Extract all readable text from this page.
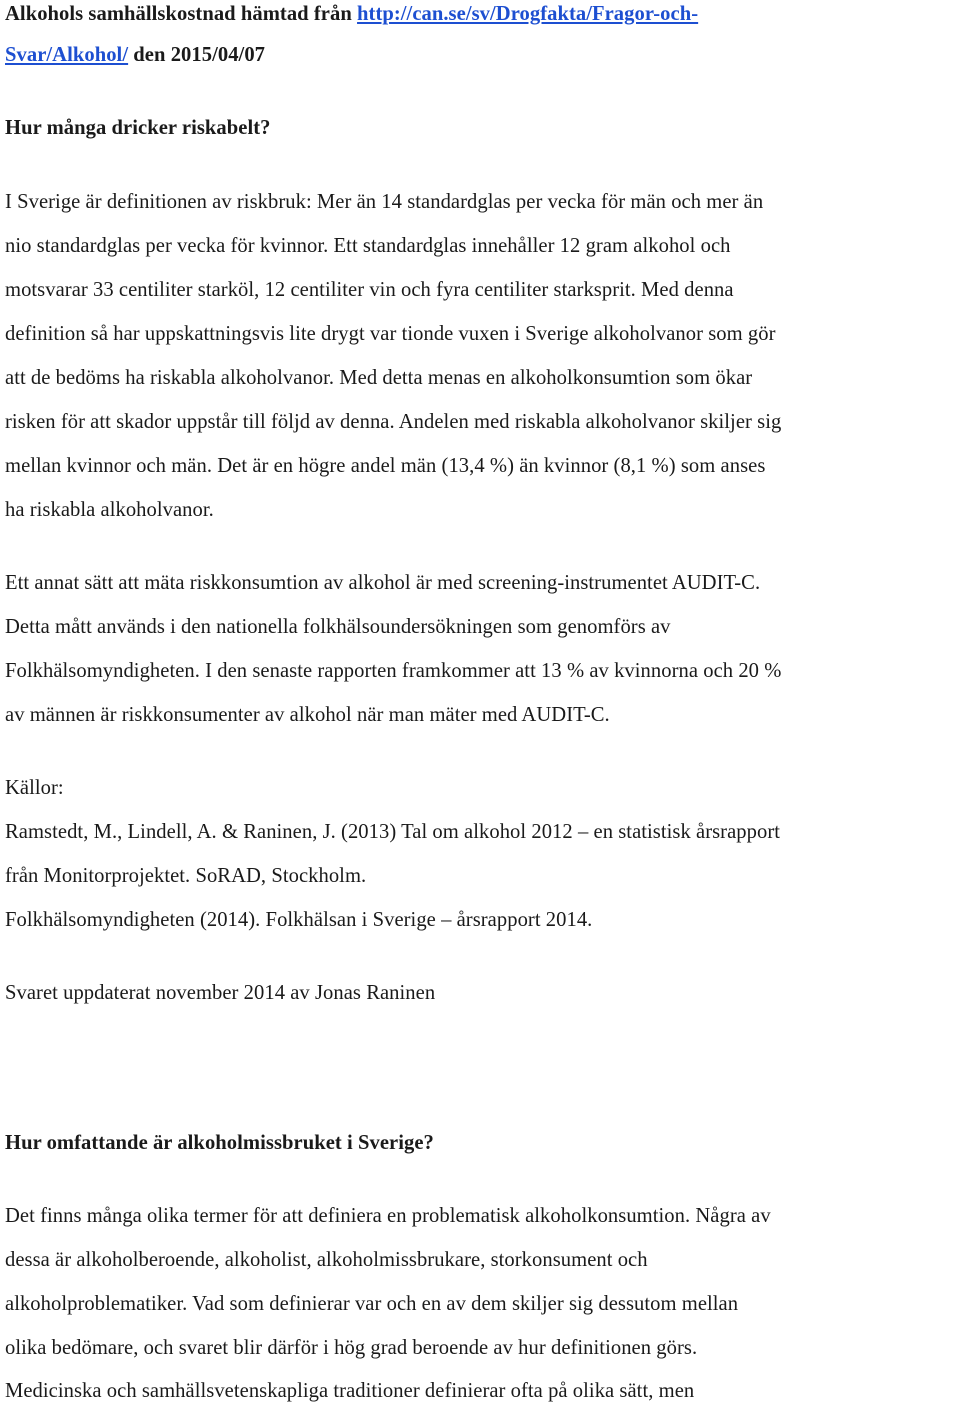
Alkohols samhällskostnad hämtad från http://can.se/sv/Drogfakta/Fragor-och-
Svar/Alkohol/ den 2015/04/07
Hur många dricker riskabelt?
I Sverige är definitionen av riskbruk: Mer än 14 standardglas per vecka för män och mer än
nio standardglas per vecka för kvinnor. Ett standardglas innehåller 12 gram alkohol och
motsvarar 33 centiliter starköl, 12 centiliter vin och fyra centiliter starksprit. Med denna
definition så har uppskattningsvis lite drygt var tionde vuxen i Sverige alkoholvanor som gör
att de bedöms ha riskabla alkoholvanor. Med detta menas en alkoholkonsumtion som ökar
risken för att skador uppstår till följd av denna. Andelen med riskabla alkoholvanor skiljer sig
mellan kvinnor och män. Det är en högre andel män (13,4 %) än kvinnor (8,1 %) som anses
ha riskabla alkoholvanor.
Ett annat sätt att mäta riskkonsumtion av alkohol är med screening-instrumentet AUDIT-C.
Detta mått används i den nationella folkhälsoundersökningen som genomförs av
Folkhälsomyndigheten. I den senaste rapporten framkommer att 13 % av kvinnorna och 20 %
av männen är riskkonsumenter av alkohol när man mäter med AUDIT-C.
Källor:
Ramstedt, M., Lindell, A. & Raninen, J. (2013) Tal om alkohol 2012 – en statistisk årsrapport
från Monitorprojektet. SoRAD, Stockholm.
Folkhälsomyndigheten (2014). Folkhälsan i Sverige – årsrapport 2014.
Svaret uppdaterat november 2014 av Jonas Raninen
Hur omfattande är alkoholmissbruket i Sverige?
Det finns många olika termer för att definiera en problematisk alkoholkonsumtion. Några av
dessa är alkoholberoende, alkoholist, alkoholmissbrukare, storkonsument och
alkoholproblematiker. Vad som definierar var och en av dem skiljer sig dessutom mellan
olika bedömare, och svaret blir därför i hög grad beroende av hur definitionen görs.
Medicinska och samhällsvetenskapliga traditioner definierar ofta på olika sätt, men
